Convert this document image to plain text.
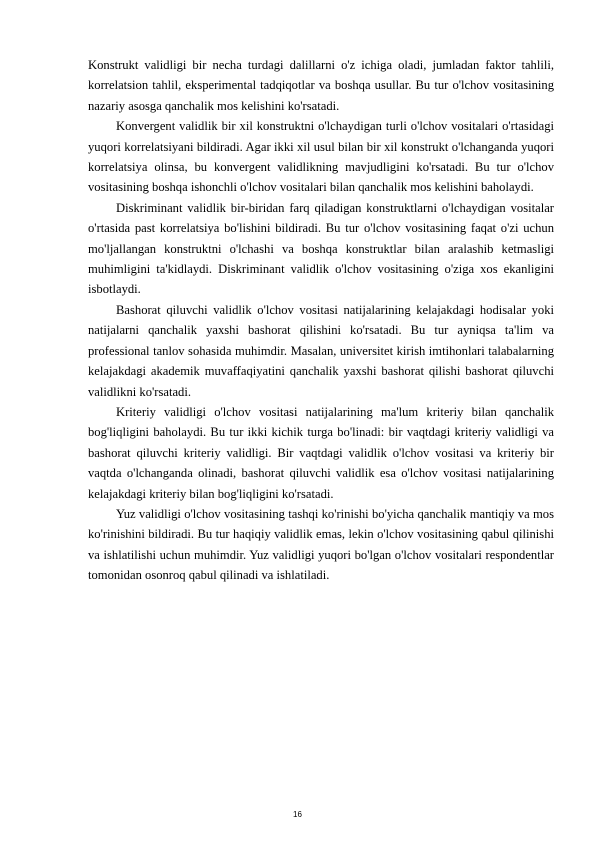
Konstrukt validligi bir necha turdagi dalillarni o'z ichiga oladi, jumladan faktor tahlili, korrelatsion tahlil, eksperimental tadqiqotlar va boshqa usullar. Bu tur o'lchov vositasining nazariy asosga qanchalik mos kelishini ko'rsatadi.

Konvergent validlik bir xil konstruktni o'lchaydigan turli o'lchov vositalari o'rtasidagi yuqori korrelatsiyani bildiradi. Agar ikki xil usul bilan bir xil konstrukt o'lchanganda yuqori korrelatsiya olinsa, bu konvergent validlikning mavjudligini ko'rsatadi. Bu tur o'lchov vositasining boshqa ishonchli o'lchov vositalari bilan qanchalik mos kelishini baholaydi.

Diskriminant validlik bir-biridan farq qiladigan konstruktlarni o'lchaydigan vositalar o'rtasida past korrelatsiya bo'lishini bildiradi. Bu tur o'lchov vositasining faqat o'zi uchun mo'ljallangan konstruktni o'lchashi va boshqa konstruktlar bilan aralashib ketmasligi muhimligini ta'kidlaydi. Diskriminant validlik o'lchov vositasining o'ziga xos ekanligini isbotlaydi.

Bashorat qiluvchi validlik o'lchov vositasi natijalarining kelajakdagi hodisalar yoki natijalarni qanchalik yaxshi bashorat qilishini ko'rsatadi. Bu tur ayniqsa ta'lim va professional tanlov sohasida muhimdir. Masalan, universitet kirish imtihonlari talabalarning kelajakdagi akademik muvaffaqiyatini qanchalik yaxshi bashorat qilishi bashorat qiluvchi validlikni ko'rsatadi.

Kriteriy validligi o'lchov vositasi natijalarining ma'lum kriteriy bilan qanchalik bog'liqligini baholaydi. Bu tur ikki kichik turga bo'linadi: bir vaqtdagi kriteriy validligi va bashorat qiluvchi kriteriy validligi. Bir vaqtdagi validlik o'lchov vositasi va kriteriy bir vaqtda o'lchanganda olinadi, bashorat qiluvchi validlik esa o'lchov vositasi natijalarining kelajakdagi kriteriy bilan bog'liqligini ko'rsatadi.

Yuz validligi o'lchov vositasining tashqi ko'rinishi bo'yicha qanchalik mantiqiy va mos ko'rinishini bildiradi. Bu tur haqiqiy validlik emas, lekin o'lchov vositasining qabul qilinishi va ishlatilishi uchun muhimdir. Yuz validligi yuqori bo'lgan o'lchov vositalari respondentlar tomonidan osonroq qabul qilinadi va ishlatiladi.

16
